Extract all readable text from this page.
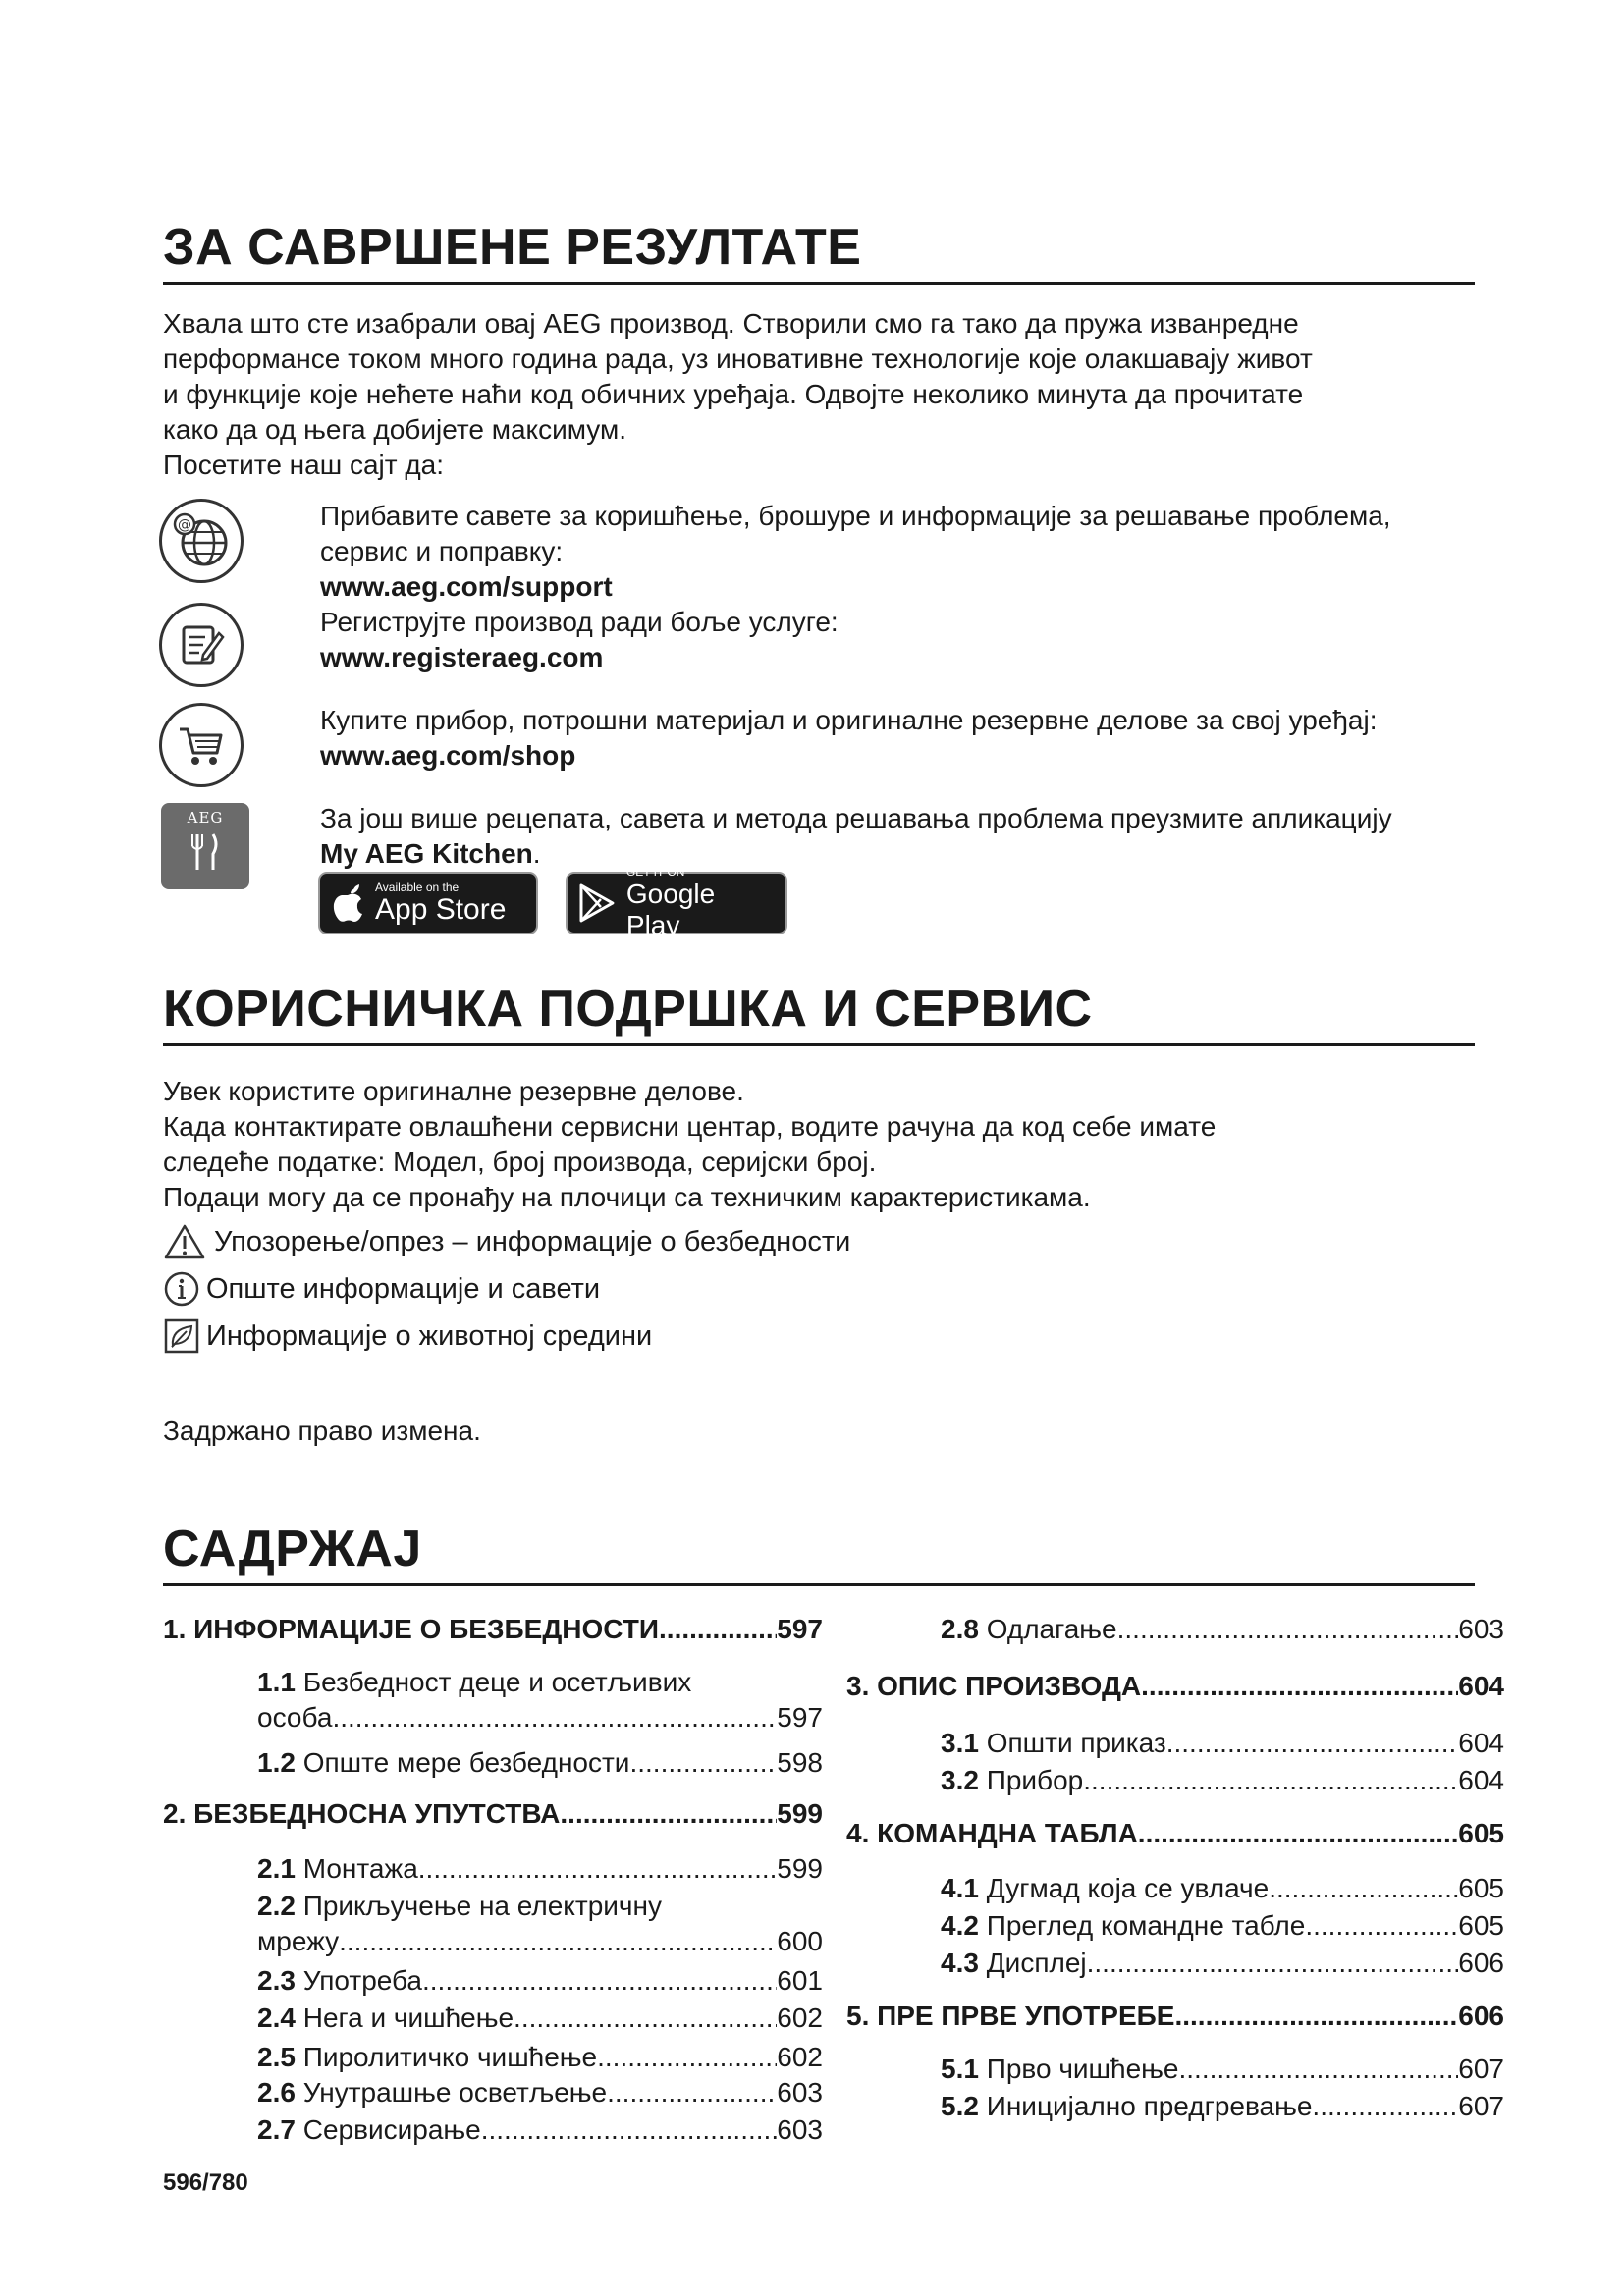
ЗА САВРШЕНЕ РЕЗУЛТАТЕ
Хвала што сте изабрали овај AEG производ. Створили смо га тако да пружа изванредне
перформансе током много година рада, уз иновативне технологије које олакшавају живот
и функције које нећете наћи код обичних уређаја. Одвојте неколико минута да прочитате
како да од њега добијете максимум.
Посетите наш сајт да:
@	Прибавите савете за коришћење, брошуре и информације за решавање проблема,
сервис и поправку:
www.aeg.com/support
Региструјте производ ради боље услуге:
www.registeraeg.com
Купите прибор, потрошни материјал и оригиналне резервне делове за свој уређај:
www.aeg.com/shop
AEG	За још више рецепата, савета и метода решавања проблема преузмите апликацију
My AEG Kitchen.
Available on the
App Store
GET IT ON
Google Play
КОРИСНИЧКА ПОДРШКА И СЕРВИС
Увек користите оригиналне резервне делове.
Када контактирате овлашћени сервисни центар, водите рачуна да код себе имате
следеће податке: Модел, број производа, серијски број.
Подаци могу да се пронађу на плочици са техничким карактеристикама.
Упозорење/опрез – информације о безбедности
Опште информације и савети
Информације о животној средини
Задржано право измена.
САДРЖАЈ
1. ИНФОРМАЦИЈЕ О БЕЗБЕДНОСТИ .....	597
1.1 Безбедност деце и осетљивих
особа .....	597
1.2 Опште мере безбедности .....	598
2. БЕЗБЕДНОСНА УПУТСТВА .....	599
2.1 Монтажа .....	599
2.2 Прикључење на електричну
мрежу .....	600
2.3 Употреба .....	601
2.4 Нега и чишћење .....	602
2.5 Пиролитичко чишћење .....	602
2.6 Унутрашње осветљење .....	603
2.7 Сервисирање .....	603
2.8 Одлагање .....	603
3. ОПИС ПРОИЗВОДА .....	604
3.1 Општи приказ .....	604
3.2 Прибор .....	604
4. КОМАНДНА ТАБЛА .....	605
4.1 Дугмад која се увлаче .....	605
4.2 Преглед командне табле .....	605
4.3 Дисплеј .....	606
5. ПРЕ ПРВЕ УПОТРЕБЕ .....	606
5.1 Прво чишћење .....	607
5.2 Иницијално предгревање .....	607
596/780
